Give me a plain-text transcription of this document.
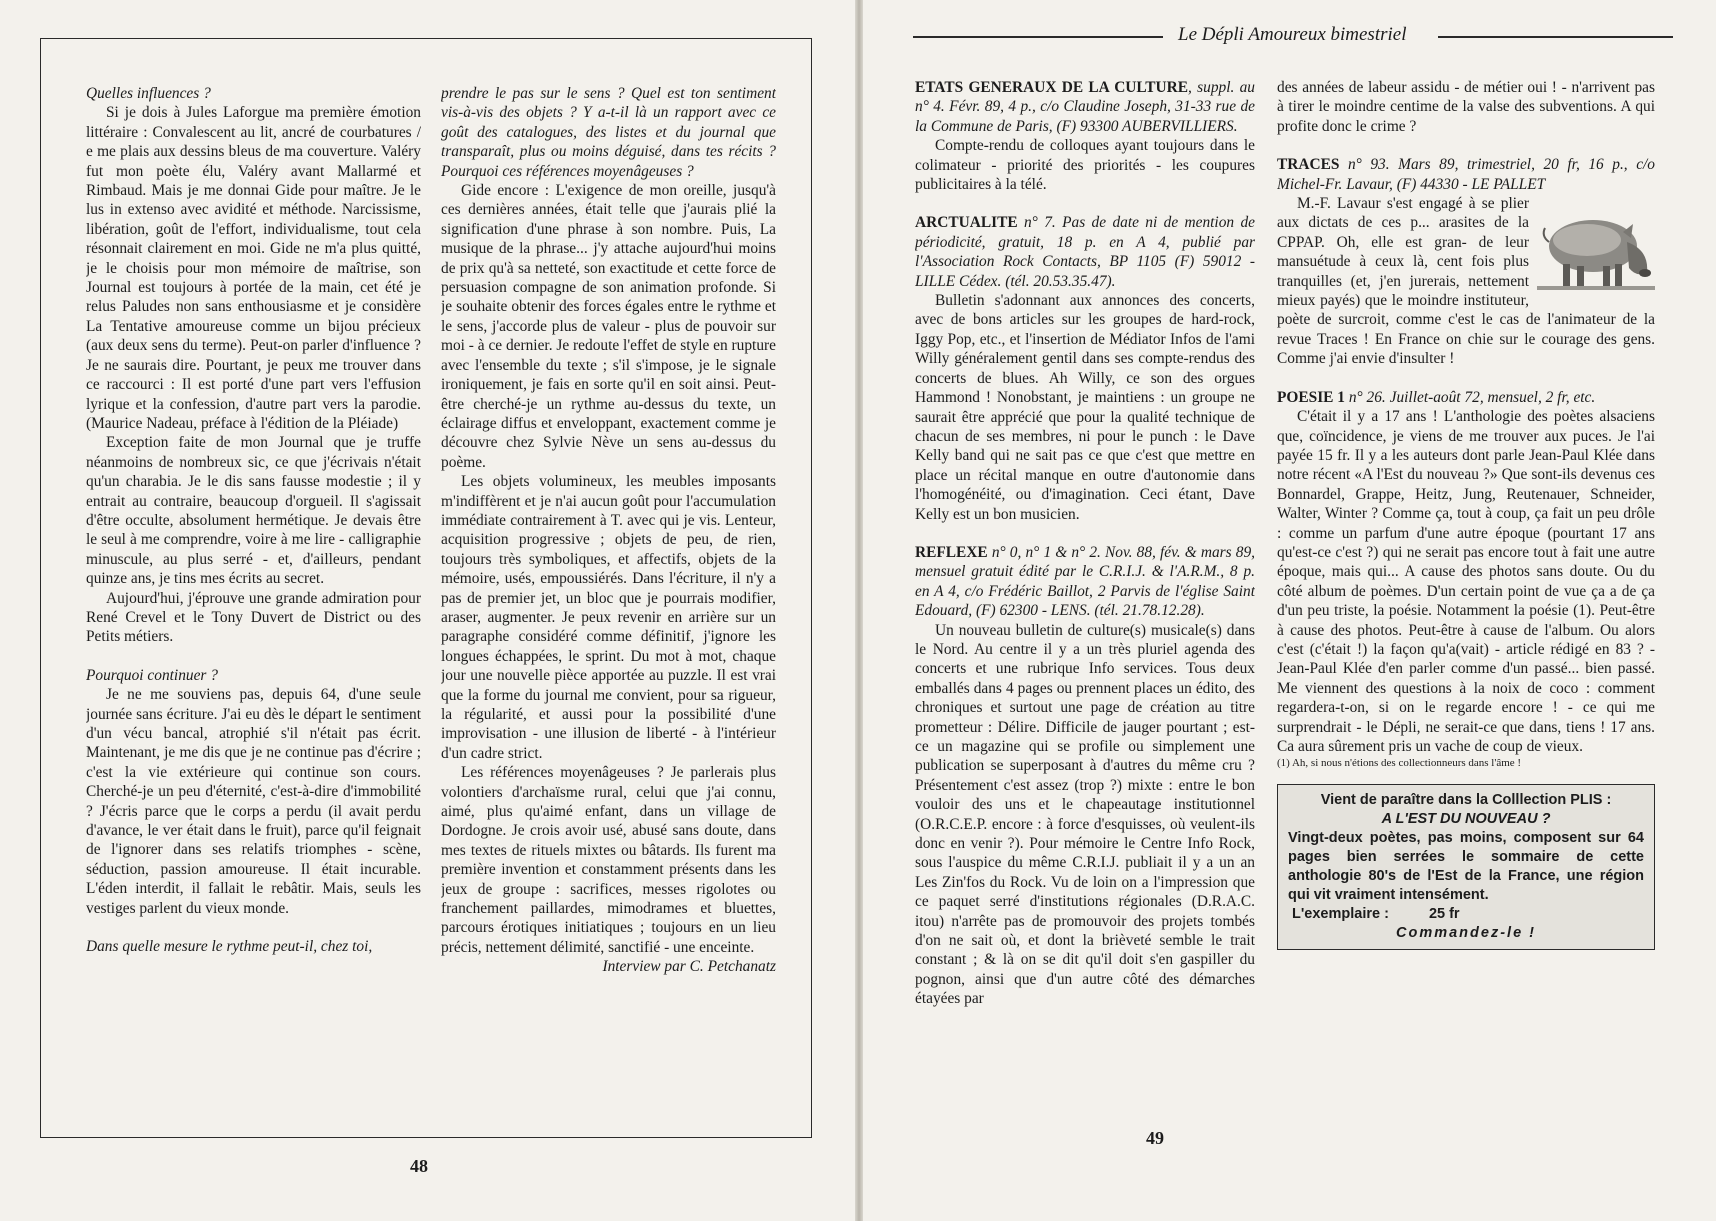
Quelles influences ?

Si je dois à Jules Laforgue ma première émotion littéraire : Convalescent au lit, ancré de courbatures / e me plais aux dessins bleus de ma couverture. Valéry fut mon poète élu, Valéry avant Mallarmé et Rimbaud. Mais je me donnai Gide pour maître. Je le lus in extenso avec avidité et méthode. Narcissisme, libération, goût de l'effort, individualisme, tout cela résonnait clairement en moi. Gide ne m'a plus quitté, je le choisis pour mon mémoire de maîtrise, son Journal est toujours à portée de la main, cet été je relus Paludes non sans enthousiasme et je considère La Tentative amoureuse comme un bijou précieux (aux deux sens du terme). Peut-on parler d'influence ? Je ne saurais dire. Pourtant, je peux me trouver dans ce raccourci : Il est porté d'une part vers l'effusion lyrique et la confession, d'autre part vers la parodie. (Maurice Nadeau, préface à l'édition de la Pléiade)

Exception faite de mon Journal que je truffe néanmoins de nombreux sic, ce que j'écrivais n'était qu'un charabia. Je le dis sans fausse modestie ; il y entrait au contraire, beaucoup d'orgueil. Il s'agissait d'être occulte, absolument hermétique. Je devais être le seul à me comprendre, voire à me lire - calligraphie minuscule, au plus serré - et, d'ailleurs, pendant quinze ans, je tins mes écrits au secret.

Aujourd'hui, j'éprouve une grande admiration pour René Crevel et le Tony Duvert de District ou des Petits métiers.

Pourquoi continuer ?

Je ne me souviens pas, depuis 64, d'une seule journée sans écriture. J'ai eu dès le départ le sentiment d'un vécu bancal, atrophié s'il n'était pas écrit. Maintenant, je me dis que je ne continue pas d'écrire ; c'est la vie extérieure qui continue son cours. Cherché-je un peu d'éternité, c'est-à-dire d'immobilité ? J'écris parce que le corps a perdu (il avait perdu d'avance, le ver était dans le fruit), parce qu'il feignait de l'ignorer dans ses relatifs triomphes - scène, séduction, passion amoureuse. Il était incurable. L'éden interdit, il fallait le rebâtir. Mais, seuls les vestiges parlent du vieux monde.

Dans quelle mesure le rythme peut-il, chez toi,
prendre le pas sur le sens ? Quel est ton sentiment vis-à-vis des objets ? Y a-t-il là un rapport avec ce goût des catalogues, des listes et du journal que transparaît, plus ou moins déguisé, dans tes récits ? Pourquoi ces références moyenâgeuses ?

Gide encore : L'exigence de mon oreille, jusqu'à ces dernières années, était telle que j'aurais plié la signification d'une phrase à son nombre. Puis, La musique de la phrase... j'y attache aujourd'hui moins de prix qu'à sa netteté, son exactitude et cette force de persuasion compagne de son animation profonde. Si je souhaite obtenir des forces égales entre le rythme et le sens, j'accorde plus de valeur - plus de pouvoir sur moi - à ce dernier. Je redoute l'effet de style en rupture avec l'ensemble du texte ; s'il s'impose, je le signale ironiquement, je fais en sorte qu'il en soit ainsi. Peut-être cherché-je un rythme au-dessus du texte, un éclairage diffus et enveloppant, exactement comme je découvre chez Sylvie Nève un sens au-dessus du poème.

Les objets volumineux, les meubles imposants m'indiffèrent et je n'ai aucun goût pour l'accumulation immédiate contrairement à T. avec qui je vis. Lenteur, acquisition progressive ; objets de peu, de rien, toujours très symboliques, et affectifs, objets de la mémoire, usés, empoussiérés. Dans l'écriture, il n'y a pas de premier jet, un bloc que je pourrais modifier, araser, augmenter. Je peux revenir en arrière sur un paragraphe considéré comme définitif, j'ignore les longues échappées, le sprint. Du mot à mot, chaque jour une nouvelle pièce apportée au puzzle. Il est vrai que la forme du journal me convient, pour sa rigueur, la régularité, et aussi pour la possibilité d'une improvisation - une illusion de liberté - à l'intérieur d'un cadre strict.

Les références moyenâgeuses ? Je parlerais plus volontiers d'archaïsme rural, celui que j'ai connu, aimé, plus qu'aimé enfant, dans un village de Dordogne. Je crois avoir usé, abusé sans doute, dans mes textes de rituels mixtes ou bâtards. Ils furent ma première invention et constamment présents dans les jeux de groupe : sacrifices, messes rigolotes ou franchement paillardes, mimodrames et bluettes, parcours érotiques initiatiques ; toujours en un lieu précis, nettement délimité, sanctifié - une enceinte.

Interview par C. Petchanatz

48
Le Dépli Amoureux bimestriel

ETATS GENERAUX DE LA CULTURE, suppl. au n° 4. Févr. 89, 4 p., c/o Claudine Joseph, 31-33 rue de la Commune de Paris, (F) 93300 AUBERVILLIERS.

Compte-rendu de colloques ayant toujours dans le colimateur - priorité des priorités - les coupures publicitaires à la télé.

ARCTUALITE n° 7. Pas de date ni de mention de périodicité, gratuit, 18 p. en A 4, publié par l'Association Rock Contacts, BP 1105 (F) 59012 - LILLE Cédex. (tél. 20.53.35.47).

Bulletin s'adonnant aux annonces des concerts, avec de bons articles sur les groupes de hard-rock, Iggy Pop, etc., et l'insertion de Médiator Infos de l'ami Willy généralement gentil dans ses compte-rendus des concerts de blues. Ah Willy, ce son des orgues Hammond ! Nonobstant, je maintiens : un groupe ne saurait être apprécié que pour la qualité technique de chacun de ses membres, ni pour le punch : le Dave Kelly band qui ne sait pas ce que c'est que mettre en place un récital manque en outre d'autonomie dans l'homogénéité, ou d'imagination. Ceci étant, Dave Kelly est un bon musicien.

REFLEXE n° 0, n° 1 & n° 2. Nov. 88, fév. & mars 89, mensuel gratuit édité par le C.R.I.J. & l'A.R.M., 8 p. en A 4, c/o Frédéric Baillot, 2 Parvis de l'église Saint Edouard, (F) 62300 - LENS. (tél. 21.78.12.28).

Un nouveau bulletin de culture(s) musicale(s) dans le Nord. Au centre il y a un très pluriel agenda des concerts et une rubrique Info services. Tous deux emballés dans 4 pages ou prennent places un édito, des chroniques et surtout une page de création au titre prometteur : Délire. Difficile de jauger pourtant ; est-ce un magazine qui se profile ou simplement une publication se superposant à d'autres du même cru ? Présentement c'est assez (trop ?) mixte : entre le bon vouloir des uns et le chapeautage institutionnel (O.R.C.E.P. encore : à force d'esquisses, où veulent-ils donc en venir ?). Pour mémoire le Centre Info Rock, sous l'auspice du même C.R.I.J. publiait il y a un an Les Zin'fos du Rock. Vu de loin on a l'impression que ce paquet serré d'institutions régionales (D.R.A.C. itou) n'arrête pas de promouvoir des projets tombés d'on ne sait où, et dont la brièveté semble le trait constant ; & là on se dit qu'il doit s'en gaspiller du pognon, ainsi que d'un autre côté des démarches étayées par

des années de labeur assidu - de métier oui ! - n'arrivent pas à tirer le moindre centime de la valse des subventions. A qui profite donc le crime ?

TRACES n° 93. Mars 89, trimestriel, 20 fr, 16 p., c/o Michel-Fr. Lavaur, (F) 44330 - LE PALLET

M.-F. Lavaur s'est engagé à se plier aux dictats de ces p... arasites de la CPPAP. Oh, elle est gran- de leur mansuétude à ceux là, cent fois plus tranquilles (et, j'en jurerais, nettement mieux payés) que le moindre instituteur, poète de surcroit, comme c'est le cas de l'animateur de la revue Traces ! En France on chie sur le courage des gens. Comme j'ai envie d'insulter !

POESIE 1 n° 26. Juillet-août 72, mensuel, 2 fr, etc.

C'était il y a 17 ans ! L'anthologie des poètes alsaciens que, coïncidence, je viens de me trouver aux puces. Je l'ai payée 15 fr. Il y a les auteurs dont parle Jean-Paul Klée dans notre récent «A l'Est du nouveau ?» Que sont-ils devenus ces Bonnardel, Grappe, Heitz, Jung, Reutenauer, Schneider, Walter, Winter ? Comme ça, tout à coup, ça fait un peu drôle : comme un parfum d'une autre époque (pourtant 17 ans qu'est-ce c'est ?) qui ne serait pas encore tout à fait une autre époque, mais qui... A cause des photos sans doute. Ou du côté album de poèmes. D'un certain point de vue ça a de ça d'un peu triste, la poésie. Notamment la poésie (1). Peut-être à cause des photos. Peut-être à cause de l'album. Ou alors c'est (c'était !) la façon qu'a(vait) - article rédigé en 83 ? - Jean-Paul Klée d'en parler comme d'un passé... bien passé. Me viennent des questions à la noix de coco : comment regardera-t-on, si on le regarde encore ! - ce qui me surprendrait - le Dépli, ne serait-ce que dans, tiens ! 17 ans. Ca aura sûrement pris un vache de coup de vieux.

(1) Ah, si nous n'étions des collectionneurs dans l'âme !

Vient de paraître dans la Colllection PLIS :
A L'EST DU NOUVEAU ?
Vingt-deux poètes, pas moins, composent sur 64 pages bien serrées le sommaire de cette anthologie 80's de l'Est de la France, une région qui vit vraiment intensément.
L'exemplaire :	25 fr
Commandez-le !
49
